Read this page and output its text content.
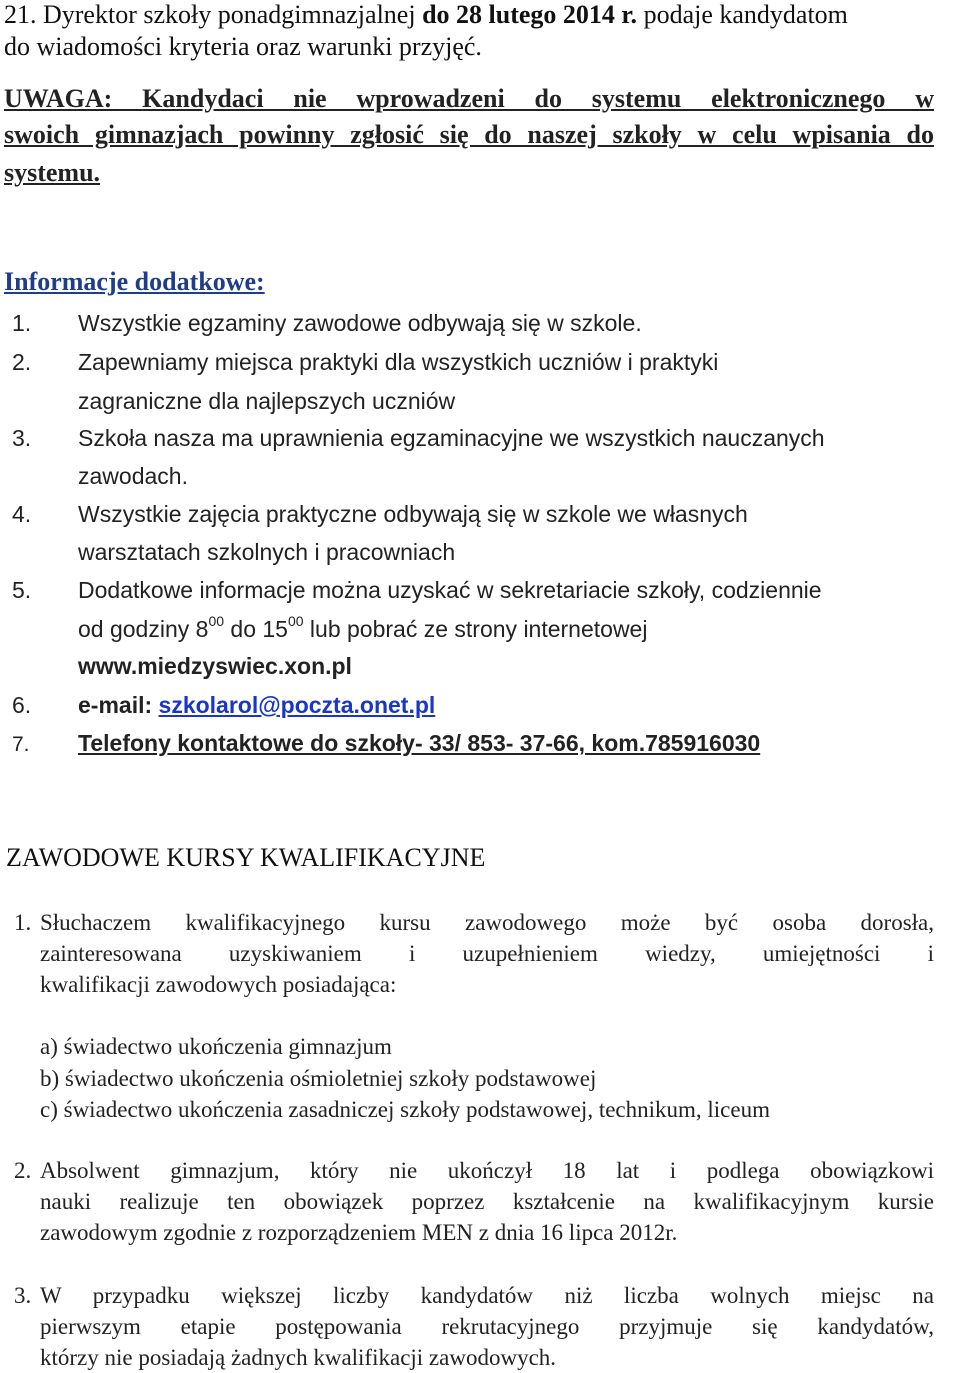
21. Dyrektor szkoły ponadgimnazjalnej do 28 lutego 2014 r. podaje kandydatom
do wiadomości kryteria oraz warunki przyjęć.
UWAGA: Kandydaci nie wprowadzeni do systemu elektronicznego w
swoich gimnazjach powinny zgłosić się do naszej szkoły w celu wpisania do
systemu.
Informacje dodatkowe:
1. Wszystkie egzaminy zawodowe odbywają się w szkole.
2. Zapewniamy miejsca praktyki dla wszystkich uczniów i praktyki
zagraniczne dla najlepszych uczniów
3. Szkoła nasza ma uprawnienia egzaminacyjne we wszystkich nauczanych
zawodach.
4. Wszystkie zajęcia praktyczne odbywają się w szkole we własnych
warsztatach szkolnych i pracowniach
5. Dodatkowe informacje można uzyskać w sekretariacie szkoły, codziennie
od godziny $8^{00}$ do $15^{00}$ lub pobrać ze strony internetowej
www.miedzyswiec.xon.pl
6. e-mail: szkolarol@poczta.onet.pl
7. Telefony kontaktowe do szkoły- 33/ 853- 37-66, kom.785916030
ZAWODOWE KURSY KWALIFIKACYJNE
1. Słuchaczem kwalifikacyjnego kursu zawodowego może być osoba dorosła,
zainteresowana uzyskiwaniem i uzupełnieniem wiedzy, umiejętności i
kwalifikacji zawodowych posiadająca:
a) świadectwo ukończenia gimnazjum
b) świadectwo ukończenia ośmioletniej szkoły podstawowej
c) świadectwo ukończenia zasadniczej szkoły podstawowej, technikum, liceum
2. Absolwent gimnazjum, który nie ukończył 18 lat i podlega obowiązkowi
nauki realizuje ten obowiązek poprzez kształcenie na kwalifikacyjnym kursie
zawodowym zgodnie z rozporządzeniem MEN z dnia 16 lipca 2012r.
3. W przypadku większej liczby kandydatów niż liczba wolnych miejsc na
pierwszym etapie postępowania rekrutacyjnego przyjmuje się kandydatów,
którzy nie posiadają żadnych kwalifikacji zawodowych.
